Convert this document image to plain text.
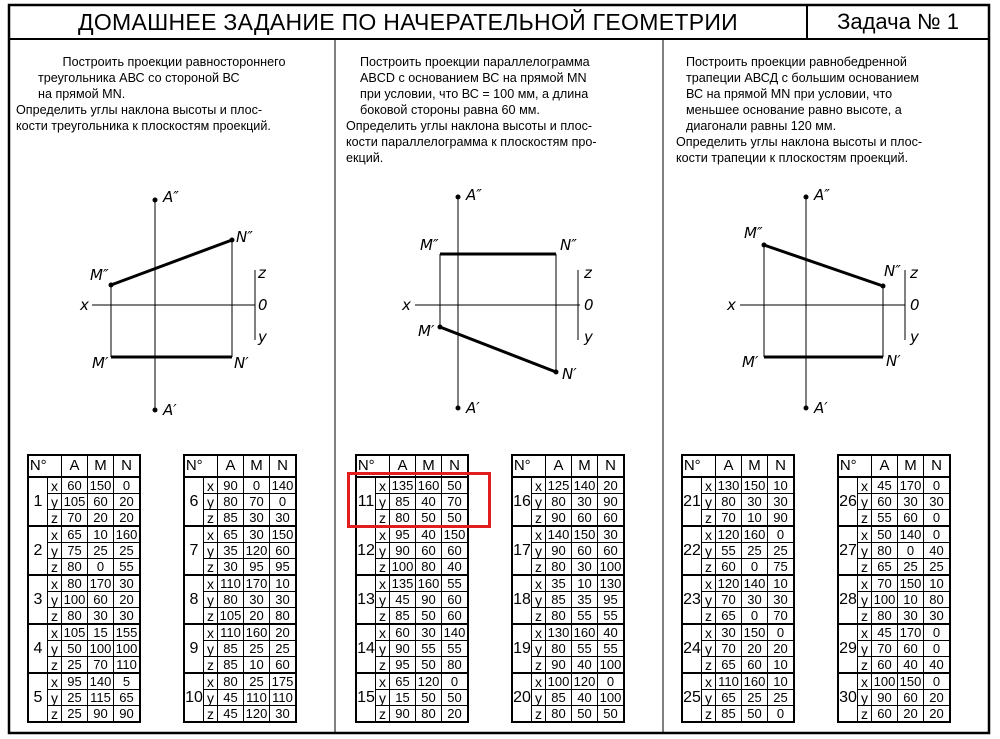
ДОМАШНЕЕ ЗАДАНИЕ ПО НАЧЕРАТЕЛЬНОЙ ГЕОМЕТРИИ	Задача № 1

Построить проекции равностороннего

треугольника АВС со стороной ВС

на прямой МN.

Определить углы наклона высоты и плос-

кости треугольника к плоскостям проекций.

Построить проекции параллелограмма

ABCD с основанием ВС на прямой МN

при условии, что ВС = 100 мм, а длина

боковой стороны равна 60 мм.

Определить углы наклона высоты и плос-

кости параллелограмма к плоскостям про-

екций.

Построить проекции равнобедренной

трапеции АВСД с большим основанием

ВС на прямой МN при условии, что

меньшее основание равно высоте, а

диагонали равны 120 мм.

Определить углы наклона высоты и плос-

кости трапеции к плоскостям проекций.

A″
A′
M″
N″
M′	N′
x
z
0
y
A″
A′
M″	N″
M′
N′
x
z
0
y
A″
A′
M″
N″
M′	N′
x
z
0
y
N°		A	M	N
1	x	60	150	0
	y	105	60	20
	z	70	20	20
2	x	65	10	160
	y	75	25	25
	z	80	0	55
3	x	80	170	30
	y	100	60	20
	z	80	30	30
4	x	105	15	155
	y	50	100	100
	z	25	70	110
5	x	95	140	5
	y	25	115	65
	z	25	90	90
N°		A	M	N
6	x	90	0	140
	y	80	70	0
	z	85	30	30
7	x	65	30	150
	y	35	120	60
	z	30	95	95
8	x	110	170	10
	y	80	30	30
	z	105	20	80
9	x	110	160	20
	y	85	25	25
	z	85	10	60
10	x	80	25	175
	y	45	110	110
	z	45	120	30
N°		A	M	N
11	x	135	160	50
	y	85	40	70
	z	80	50	50
12	x	95	40	150
	y	90	60	60
	z	100	80	40
13	x	135	160	55
	y	45	90	60
	z	85	50	60
14	x	60	30	140
	y	90	55	55
	z	95	50	80
15	x	65	120	0
	y	15	50	50
	z	90	80	20
N°		A	M	N
16	x	125	140	20
	y	80	30	90
	z	90	60	60
17	x	140	150	30
	y	90	60	60
	z	80	30	100
18	x	35	10	130
	y	85	35	95
	z	80	55	55
19	x	130	160	40
	y	80	55	55
	z	90	40	100
20	x	100	120	0
	y	85	40	100
	z	80	50	50
N°		A	M	N
21	x	130	150	10
	y	80	30	30
	z	70	10	90
22	x	120	160	0
	y	55	25	25
	z	60	0	75
23	x	120	140	10
	y	70	30	30
	z	65	0	70
24	x	30	150	0
	y	70	20	20
	z	65	60	10
25	x	110	160	10
	y	65	25	25
	z	85	50	0
N°		A	M	N
26	x	45	170	0
	y	60	30	30
	z	55	60	0
27	x	50	140	0
	y	80	0	40
	z	65	25	25
28	x	70	150	10
	y	100	10	80
	z	80	30	30
29	x	45	170	0
	y	70	60	0
	z	60	40	40
30	x	100	150	0
	y	90	60	20
	z	60	20	20
